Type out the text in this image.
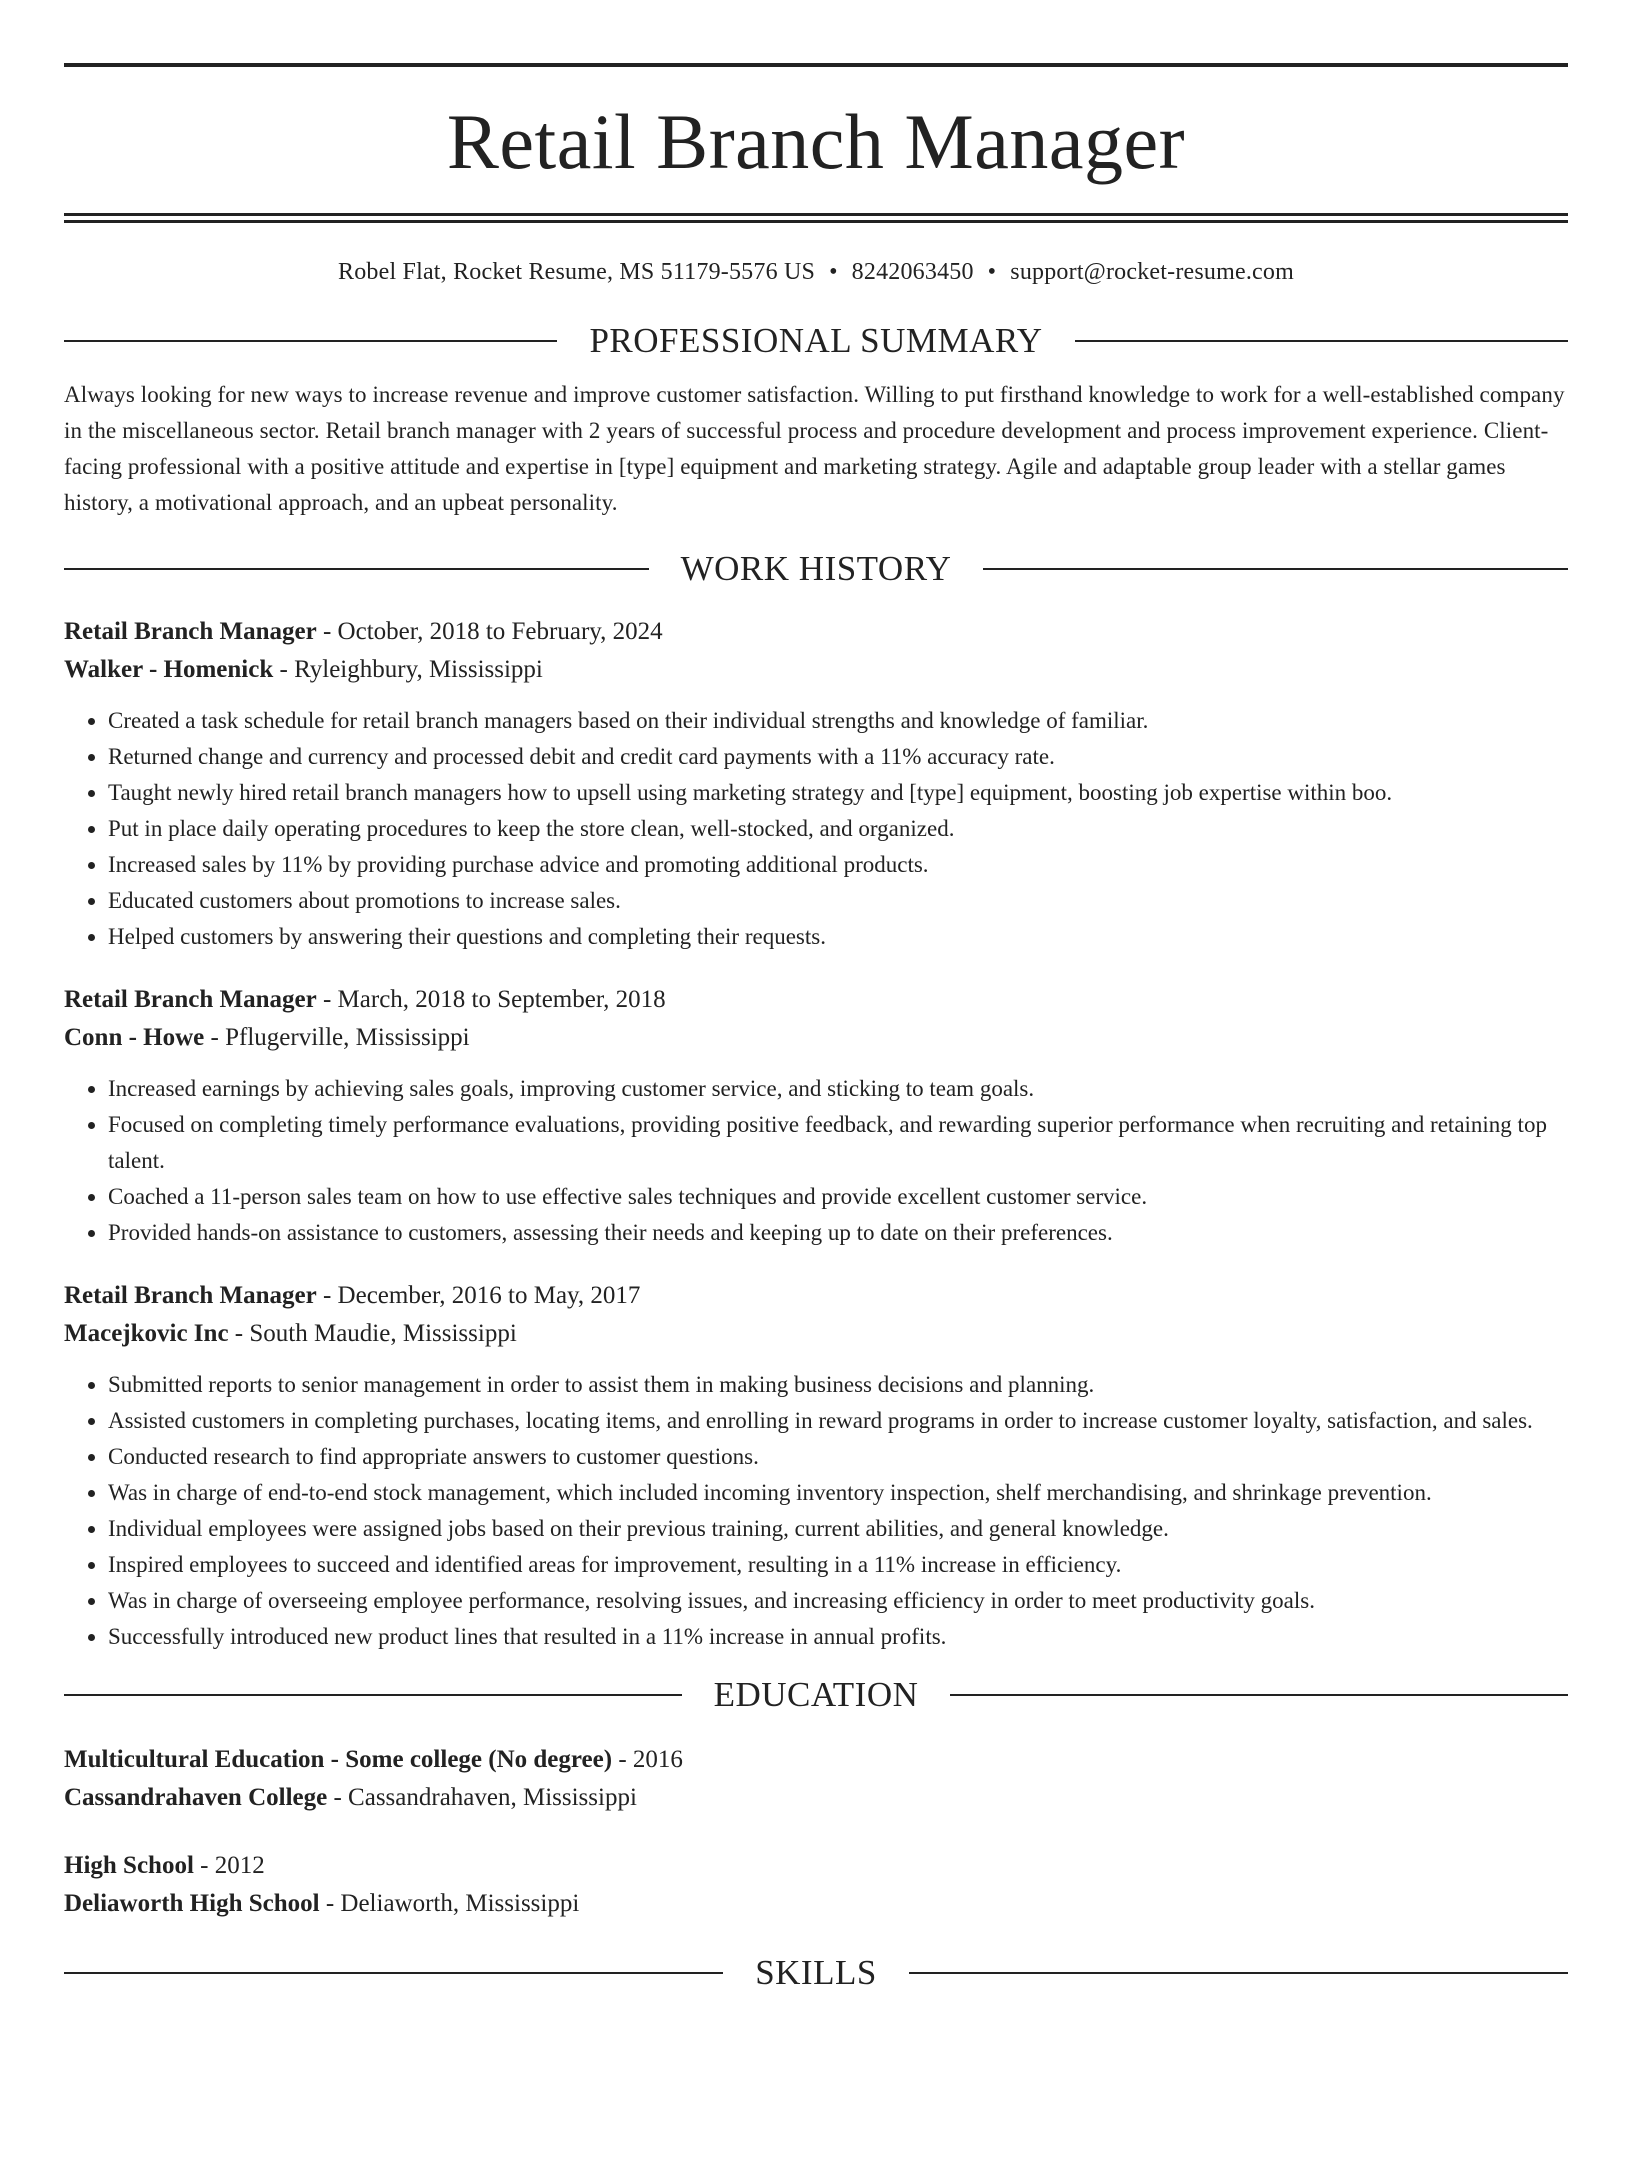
Retail Branch Manager
Robel Flat, Rocket Resume, MS 51179-5576 US • 8242063450 • support@rocket-resume.com
PROFESSIONAL SUMMARY
Always looking for new ways to increase revenue and improve customer satisfaction. Willing to put firsthand knowledge to work for a well-established company in the miscellaneous sector. Retail branch manager with 2 years of successful process and procedure development and process improvement experience. Client-facing professional with a positive attitude and expertise in [type] equipment and marketing strategy. Agile and adaptable group leader with a stellar games history, a motivational approach, and an upbeat personality.
WORK HISTORY
Retail Branch Manager - October, 2018 to February, 2024
Walker - Homenick - Ryleighbury, Mississippi
• Created a task schedule for retail branch managers based on their individual strengths and knowledge of familiar.
• Returned change and currency and processed debit and credit card payments with a 11% accuracy rate.
• Taught newly hired retail branch managers how to upsell using marketing strategy and [type] equipment, boosting job expertise within boo.
• Put in place daily operating procedures to keep the store clean, well-stocked, and organized.
• Increased sales by 11% by providing purchase advice and promoting additional products.
• Educated customers about promotions to increase sales.
• Helped customers by answering their questions and completing their requests.
Retail Branch Manager - March, 2018 to September, 2018
Conn - Howe - Pflugerville, Mississippi
• Increased earnings by achieving sales goals, improving customer service, and sticking to team goals.
• Focused on completing timely performance evaluations, providing positive feedback, and rewarding superior performance when recruiting and retaining top talent.
• Coached a 11-person sales team on how to use effective sales techniques and provide excellent customer service.
• Provided hands-on assistance to customers, assessing their needs and keeping up to date on their preferences.
Retail Branch Manager - December, 2016 to May, 2017
Macejkovic Inc - South Maudie, Mississippi
• Submitted reports to senior management in order to assist them in making business decisions and planning.
• Assisted customers in completing purchases, locating items, and enrolling in reward programs in order to increase customer loyalty, satisfaction, and sales.
• Conducted research to find appropriate answers to customer questions.
• Was in charge of end-to-end stock management, which included incoming inventory inspection, shelf merchandising, and shrinkage prevention.
• Individual employees were assigned jobs based on their previous training, current abilities, and general knowledge.
• Inspired employees to succeed and identified areas for improvement, resulting in a 11% increase in efficiency.
• Was in charge of overseeing employee performance, resolving issues, and increasing efficiency in order to meet productivity goals.
• Successfully introduced new product lines that resulted in a 11% increase in annual profits.
EDUCATION
Multicultural Education - Some college (No degree) - 2016
Cassandrahaven College - Cassandrahaven, Mississippi
High School - 2012
Deliaworth High School - Deliaworth, Mississippi
SKILLS
